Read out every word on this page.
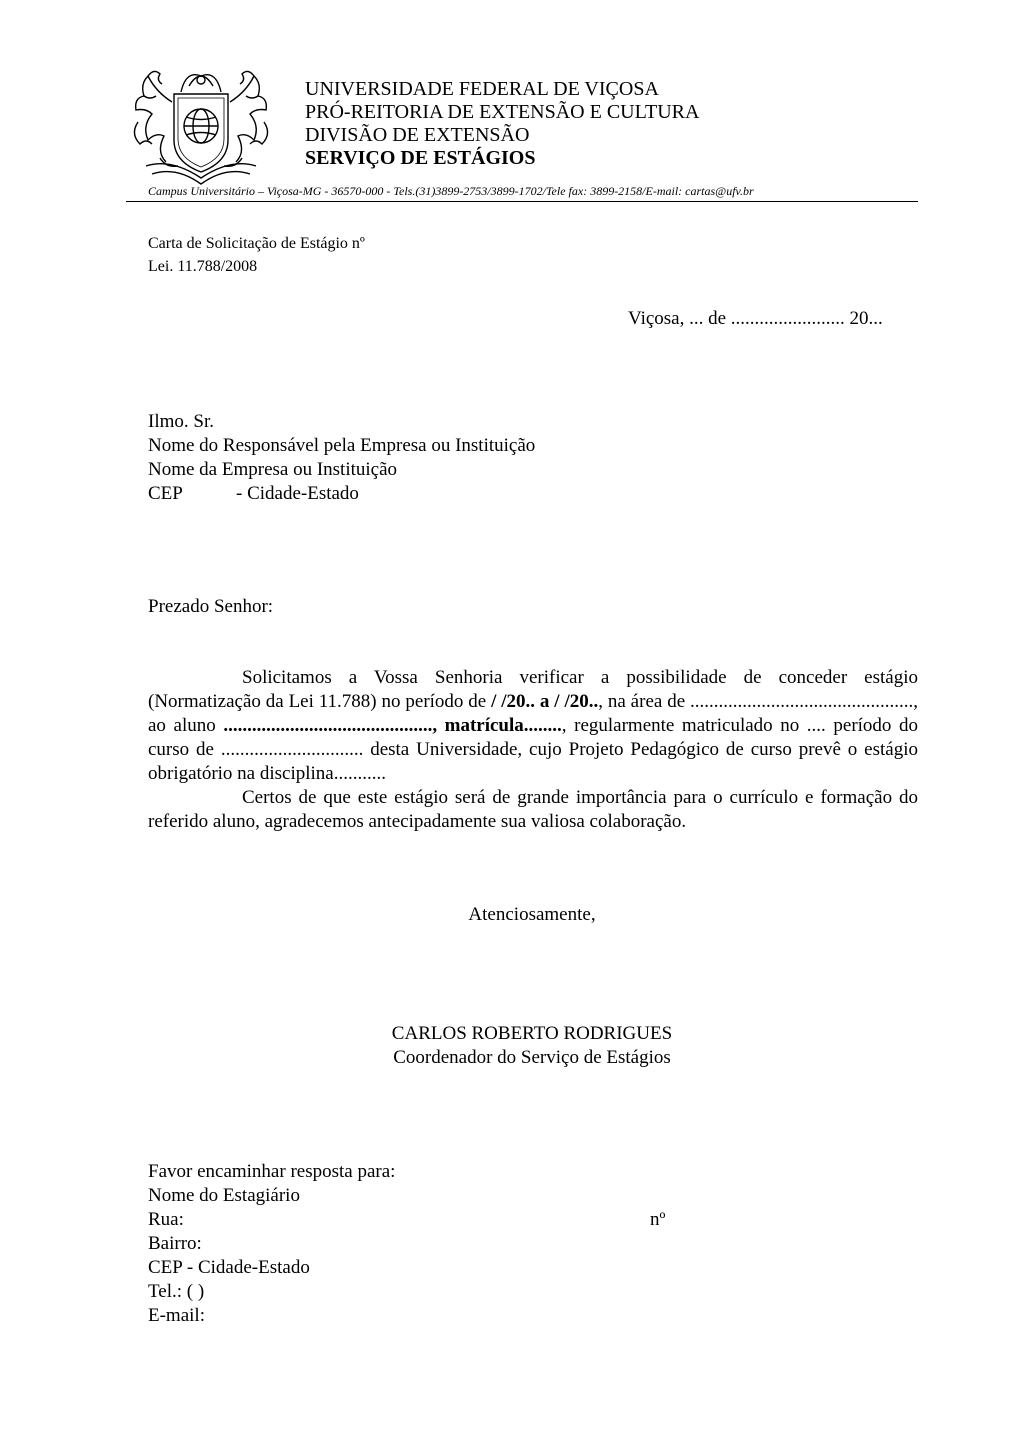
UNIVERSIDADE FEDERAL DE VIÇOSA
PRÓ-REITORIA DE EXTENSÃO E CULTURA
DIVISÃO DE EXTENSÃO
SERVIÇO DE ESTÁGIOS
Campus Universitário – Viçosa-MG - 36570-000 - Tels.(31)3899-2753/3899-1702/Tele fax: 3899-2158/E-mail: cartas@ufv.br
Carta de Solicitação de Estágio nº
Lei. 11.788/2008
Viçosa, ... de ........................ 20...
Ilmo. Sr.
Nome do Responsável pela Empresa ou Instituição
Nome da Empresa ou Instituição
CEP	- Cidade-Estado
Prezado Senhor:

Solicitamos a Vossa Senhoria verificar a possibilidade de conceder estágio (Normatização da Lei 11.788) no período de / /20.. a / /20.., na área de ..............................................., ao aluno ............................................, matrícula........, regularmente matriculado no .... período do curso de .............................. desta Universidade, cujo Projeto Pedagógico de curso prevê o estágio obrigatório na disciplina...........

Certos de que este estágio será de grande importância para o currículo e formação do referido aluno, agradecemos antecipadamente sua valiosa colaboração.

Atenciosamente,
CARLOS ROBERTO RODRIGUES
Coordenador do Serviço de Estágios
Favor encaminhar resposta para:
Nome do Estagiário
Rua:	nº
Bairro:
CEP - Cidade-Estado
Tel.: ( )
E-mail:
